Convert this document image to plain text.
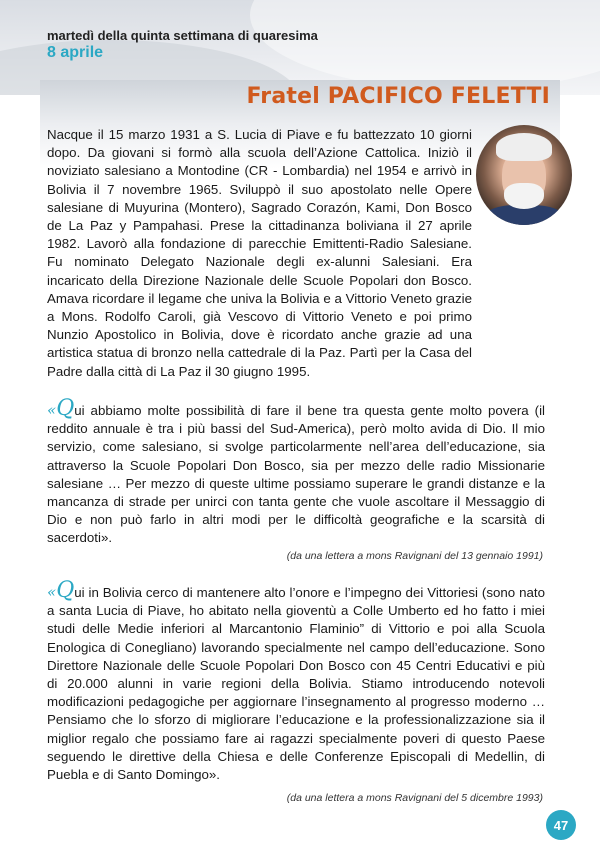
martedì della quinta settimana di quaresima

8 aprile

Fratel PACIFICO FELETTI

Nacque il 15 marzo 1931 a S. Lucia di Piave e fu battezzato 10 giorni dopo. Da giovani si formò alla scuola dell’Azione Cattolica. Iniziò il noviziato salesiano a Montodine (CR - Lombardia) nel 1954 e arrivò in Bolivia il 7 novembre 1965. Sviluppò il suo apostolato nelle Opere salesiane di Muyurina (Montero), Sagrado Corazón, Kami, Don Bosco de La Paz y Pampahasi. Prese la cittadinanza boliviana il 27 aprile 1982. Lavorò alla fondazione di parecchie Emittenti-Radio Salesiane. Fu nominato Delegato Nazionale degli ex-alunni Salesiani. Era incaricato della Direzione Nazionale delle Scuole Popolari don Bosco. Amava ricordare il legame che univa la Bolivia e a Vittorio Veneto grazie a Mons. Rodolfo Caroli, già Vescovo di Vittorio Veneto e poi primo Nunzio Apostolico in Bolivia, dove è ricordato anche grazie ad una artistica statua di bronzo nella cattedrale di la Paz. Partì per la Casa del Padre dalla città di La Paz il 30 giugno 1995.

«Qui abbiamo molte possibilità di fare il bene tra questa gente molto povera (il reddito annuale è tra i più bassi del Sud-America), però molto avida di Dio. Il mio servizio, come salesiano, si svolge particolarmente nell’area dell’educazione, sia attraverso la Scuole Popolari Don Bosco, sia per mezzo delle radio Missionarie salesiane … Per mezzo di queste ultime possiamo superare le grandi distanze e la mancanza di strade per unirci con tanta gente che vuole ascoltare il Messaggio di Dio e non può farlo in altri modi per le difficoltà geografiche e la scarsità di sacerdoti».

(da una lettera a mons Ravignani del 13 gennaio 1991)

«Qui in Bolivia cerco di mantenere alto l’onore e l’impegno dei Vittoriesi (sono nato a santa Lucia di Piave, ho abitato nella gioventù a Colle Umberto ed ho fatto i miei studi delle Medie inferiori al Marcantonio Flaminio” di Vittorio e poi alla Scuola Enologica di Conegliano) lavorando specialmente nel campo dell’educazione. Sono Direttore Nazionale delle Scuole Popolari Don Bosco con 45 Centri Educativi e più di 20.000 alunni in varie regioni della Bolivia. Stiamo introducendo notevoli modificazioni pedagogiche per aggiornare l’insegnamento al progresso moderno … Pensiamo che lo sforzo di migliorare l’educazione e la professionalizzazione sia il miglior regalo che possiamo fare ai ragazzi specialmente poveri di questo Paese seguendo le direttive della Chiesa e delle Conferenze Episcopali di Medellin, di Puebla e di Santo Domingo».

(da una lettera a mons Ravignani del 5 dicembre 1993)

47
